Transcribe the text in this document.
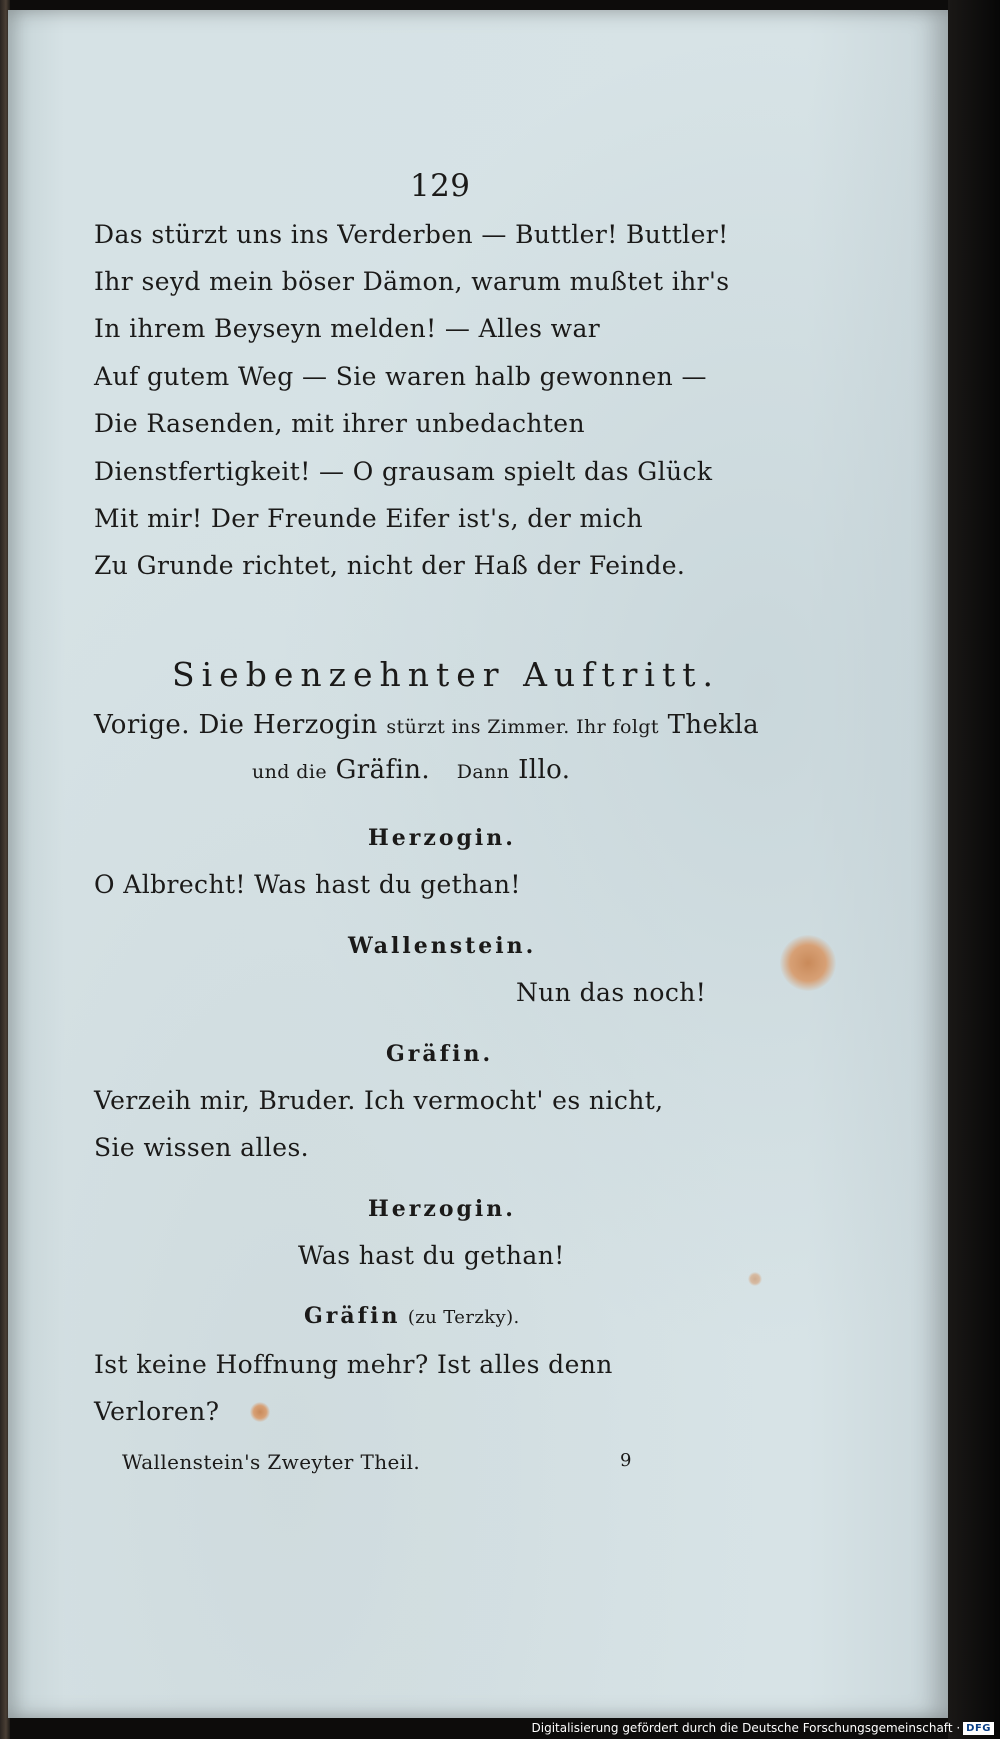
129
Das stürzt uns ins Verderben — Buttler! Buttler!
Ihr seyd mein böser Dämon, warum mußtet ihr's
In ihrem Beyseyn melden! — Alles war
Auf gutem Weg — Sie waren halb gewonnen —
Die Rasenden, mit ihrer unbedachten
Dienstfertigkeit! — O grausam spielt das Glück
Mit mir! Der Freunde Eifer ist's, der mich
Zu Grunde richtet, nicht der Haß der Feinde.
Siebenzehnter Auftritt.
Vorige. Die Herzogin stürzt ins Zimmer. Ihr folgt Thekla
und die Gräfin. Dann Illo.
Herzogin.
O Albrecht! Was hast du gethan!
Wallenstein.
Nun das noch!
Gräfin.
Verzeih mir, Bruder. Ich vermocht' es nicht,
Sie wissen alles.
Herzogin.
Was hast du gethan!
Gräfin (zu Terzky).
Ist keine Hoffnung mehr? Ist alles denn
Verloren?
Wallenstein's Zweyter Theil.	9
Digitalisierung gefördert durch die Deutsche Forschungsgemeinschaft · DFG
